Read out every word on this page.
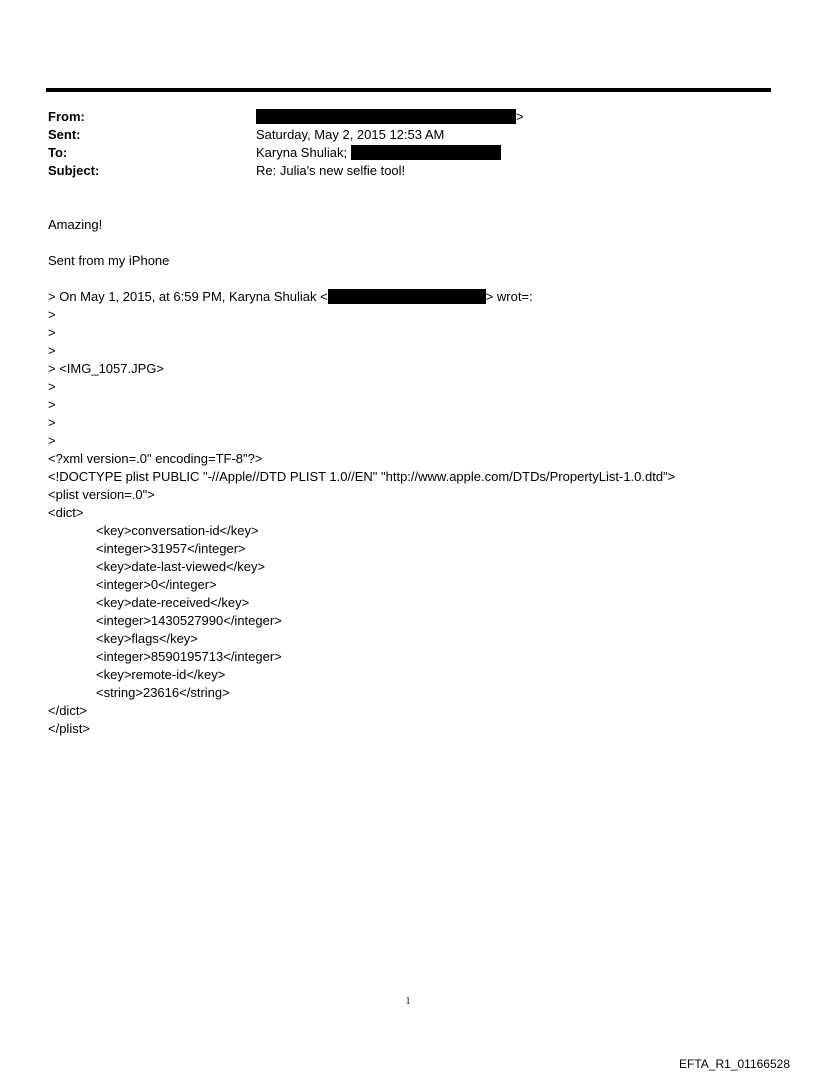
From:	>
Sent:	Saturday, May 2, 2015 12:53 AM
To:	Karyna Shuliak;
Subject:	Re: Julia's new selfie tool!
Amazing!
Sent from my iPhone
> On May 1, 2015, at 6:59 PM, Karyna Shuliak <	> wrot=:
>
>
>
> <IMG_1057.JPG>
>
>
>
>
<?xml version=.0" encoding=TF-8"?>
<!DOCTYPE plist PUBLIC "-//Apple//DTD PLIST 1.0//EN" "http://www.apple.com/DTDs/PropertyList-1.0.dtd">
<plist version=.0">
<dict>
<key>conversation-id</key>
<integer>31957</integer>
<key>date-last-viewed</key>
<integer>0</integer>
<key>date-received</key>
<integer>1430527990</integer>
<key>flags</key>
<integer>8590195713</integer>
<key>remote-id</key>
<string>23616</string>
</dict>
</plist>
1
EFTA_R1_01166528
